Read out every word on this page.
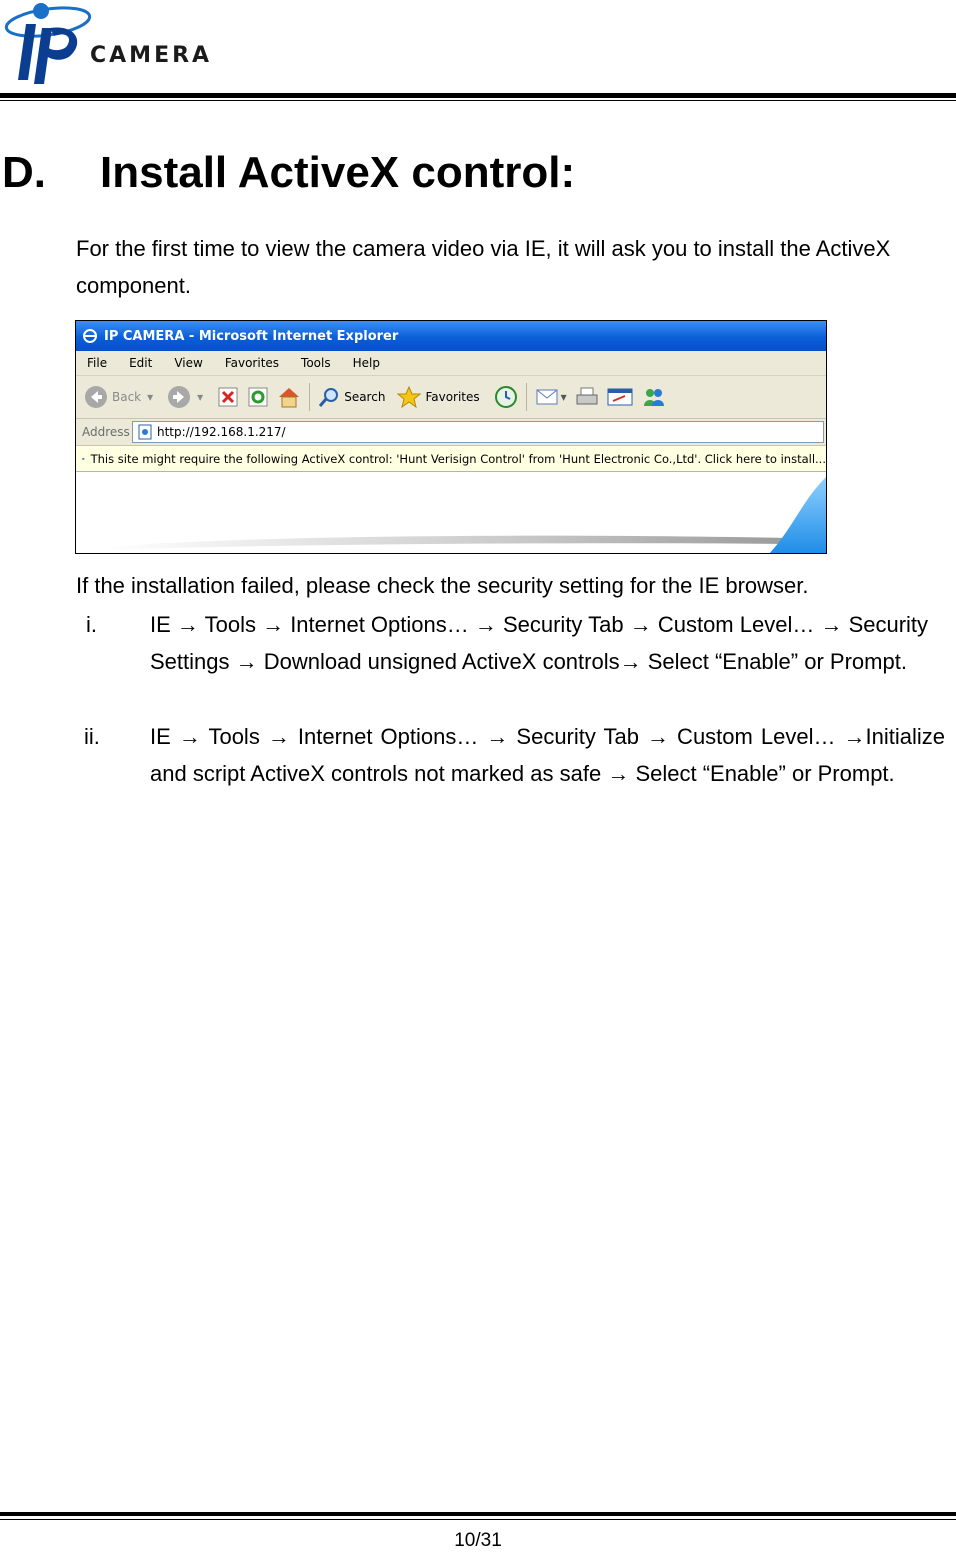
ip
CAMERA
D. Install ActiveX control:
For the first time to view the camera video via IE, it will ask you to install the ActiveX component.
IP CAMERA - Microsoft Internet Explorer
File	Edit	View	Favorites	Tools	Help
Back ▾	▾	Search	Favorites	▾
Address http://192.168.1.217/
This site might require the following ActiveX control: 'Hunt Verisign Control' from 'Hunt Electronic Co.,Ltd'. Click here to install...
If the installation failed, please check the security setting for the IE browser.
i. IE → Tools → Internet Options… → Security Tab → Custom Level… → Security Settings → Download unsigned ActiveX controls→ Select “Enable” or Prompt.
ii. IE → Tools → Internet Options… → Security Tab → Custom Level… →Initialize and script ActiveX controls not marked as safe → Select “Enable” or Prompt.
10/31
